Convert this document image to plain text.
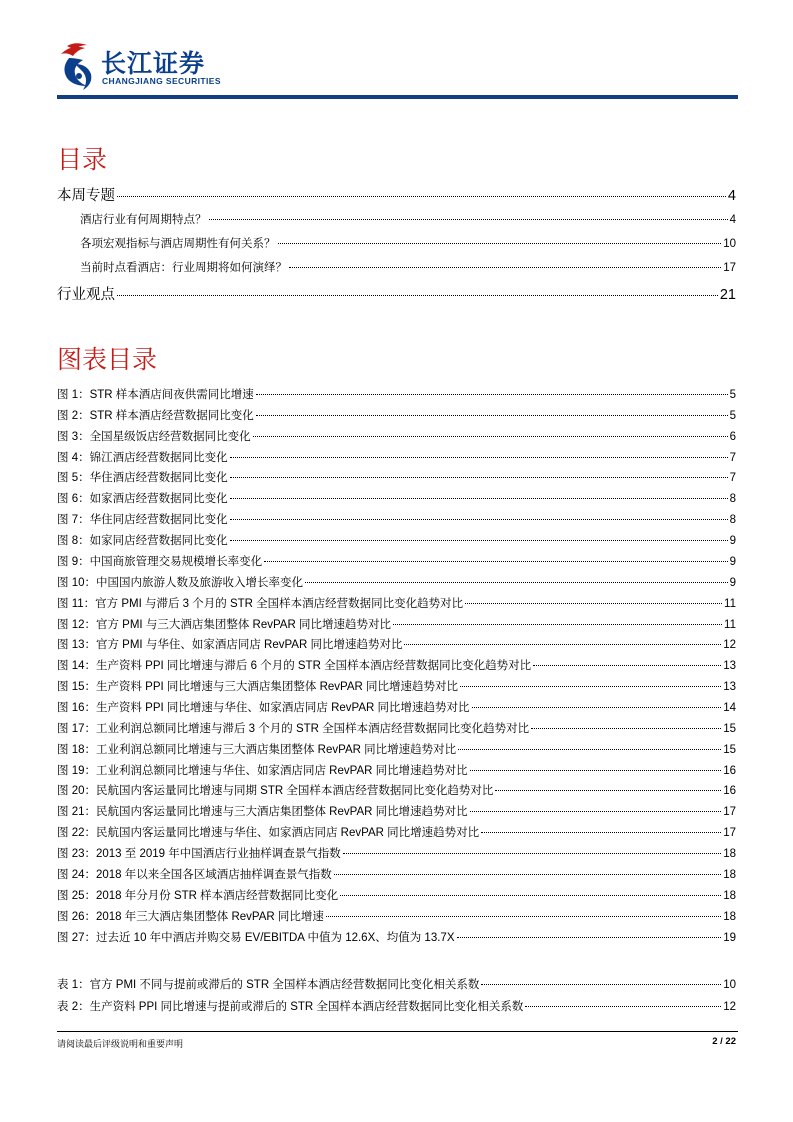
长江证券
CHANGJIANG SECURITIES
目录
本周专题	4
酒店行业有何周期特点？	4
各项宏观指标与酒店周期性有何关系？	10
当前时点看酒店：行业周期将如何演绎？	17
行业观点	21
图表目录
图 1：STR 样本酒店间夜供需同比增速	5
图 2：STR 样本酒店经营数据同比变化	5
图 3：全国星级饭店经营数据同比变化	6
图 4：锦江酒店经营数据同比变化	7
图 5：华住酒店经营数据同比变化	7
图 6：如家酒店经营数据同比变化	8
图 7：华住同店经营数据同比变化	8
图 8：如家同店经营数据同比变化	9
图 9：中国商旅管理交易规模增长率变化	9
图 10：中国国内旅游人数及旅游收入增长率变化	9
图 11：官方 PMI 与滞后 3 个月的 STR 全国样本酒店经营数据同比变化趋势对比	11
图 12：官方 PMI 与三大酒店集团整体 RevPAR 同比增速趋势对比	11
图 13：官方 PMI 与华住、如家酒店同店 RevPAR 同比增速趋势对比	12
图 14：生产资料 PPI 同比增速与滞后 6 个月的 STR 全国样本酒店经营数据同比变化趋势对比	13
图 15：生产资料 PPI 同比增速与三大酒店集团整体 RevPAR 同比增速趋势对比	13
图 16：生产资料 PPI 同比增速与华住、如家酒店同店 RevPAR 同比增速趋势对比	14
图 17：工业利润总额同比增速与滞后 3 个月的 STR 全国样本酒店经营数据同比变化趋势对比	15
图 18：工业利润总额同比增速与三大酒店集团整体 RevPAR 同比增速趋势对比	15
图 19：工业利润总额同比增速与华住、如家酒店同店 RevPAR 同比增速趋势对比	16
图 20：民航国内客运量同比增速与同期 STR 全国样本酒店经营数据同比变化趋势对比	16
图 21：民航国内客运量同比增速与三大酒店集团整体 RevPAR 同比增速趋势对比	17
图 22：民航国内客运量同比增速与华住、如家酒店同店 RevPAR 同比增速趋势对比	17
图 23：2013 至 2019 年中国酒店行业抽样调查景气指数	18
图 24：2018 年以来全国各区域酒店抽样调查景气指数	18
图 25：2018 年分月份 STR 样本酒店经营数据同比变化	18
图 26：2018 年三大酒店集团整体 RevPAR 同比增速	18
图 27：过去近 10 年中酒店并购交易 EV/EBITDA 中值为 12.6X、均值为 13.7X	19
表 1：官方 PMI 不同与提前或滞后的 STR 全国样本酒店经营数据同比变化相关系数	10
表 2：生产资料 PPI 同比增速与提前或滞后的 STR 全国样本酒店经营数据同比变化相关系数	12
请阅读最后评级说明和重要声明	2 / 22
